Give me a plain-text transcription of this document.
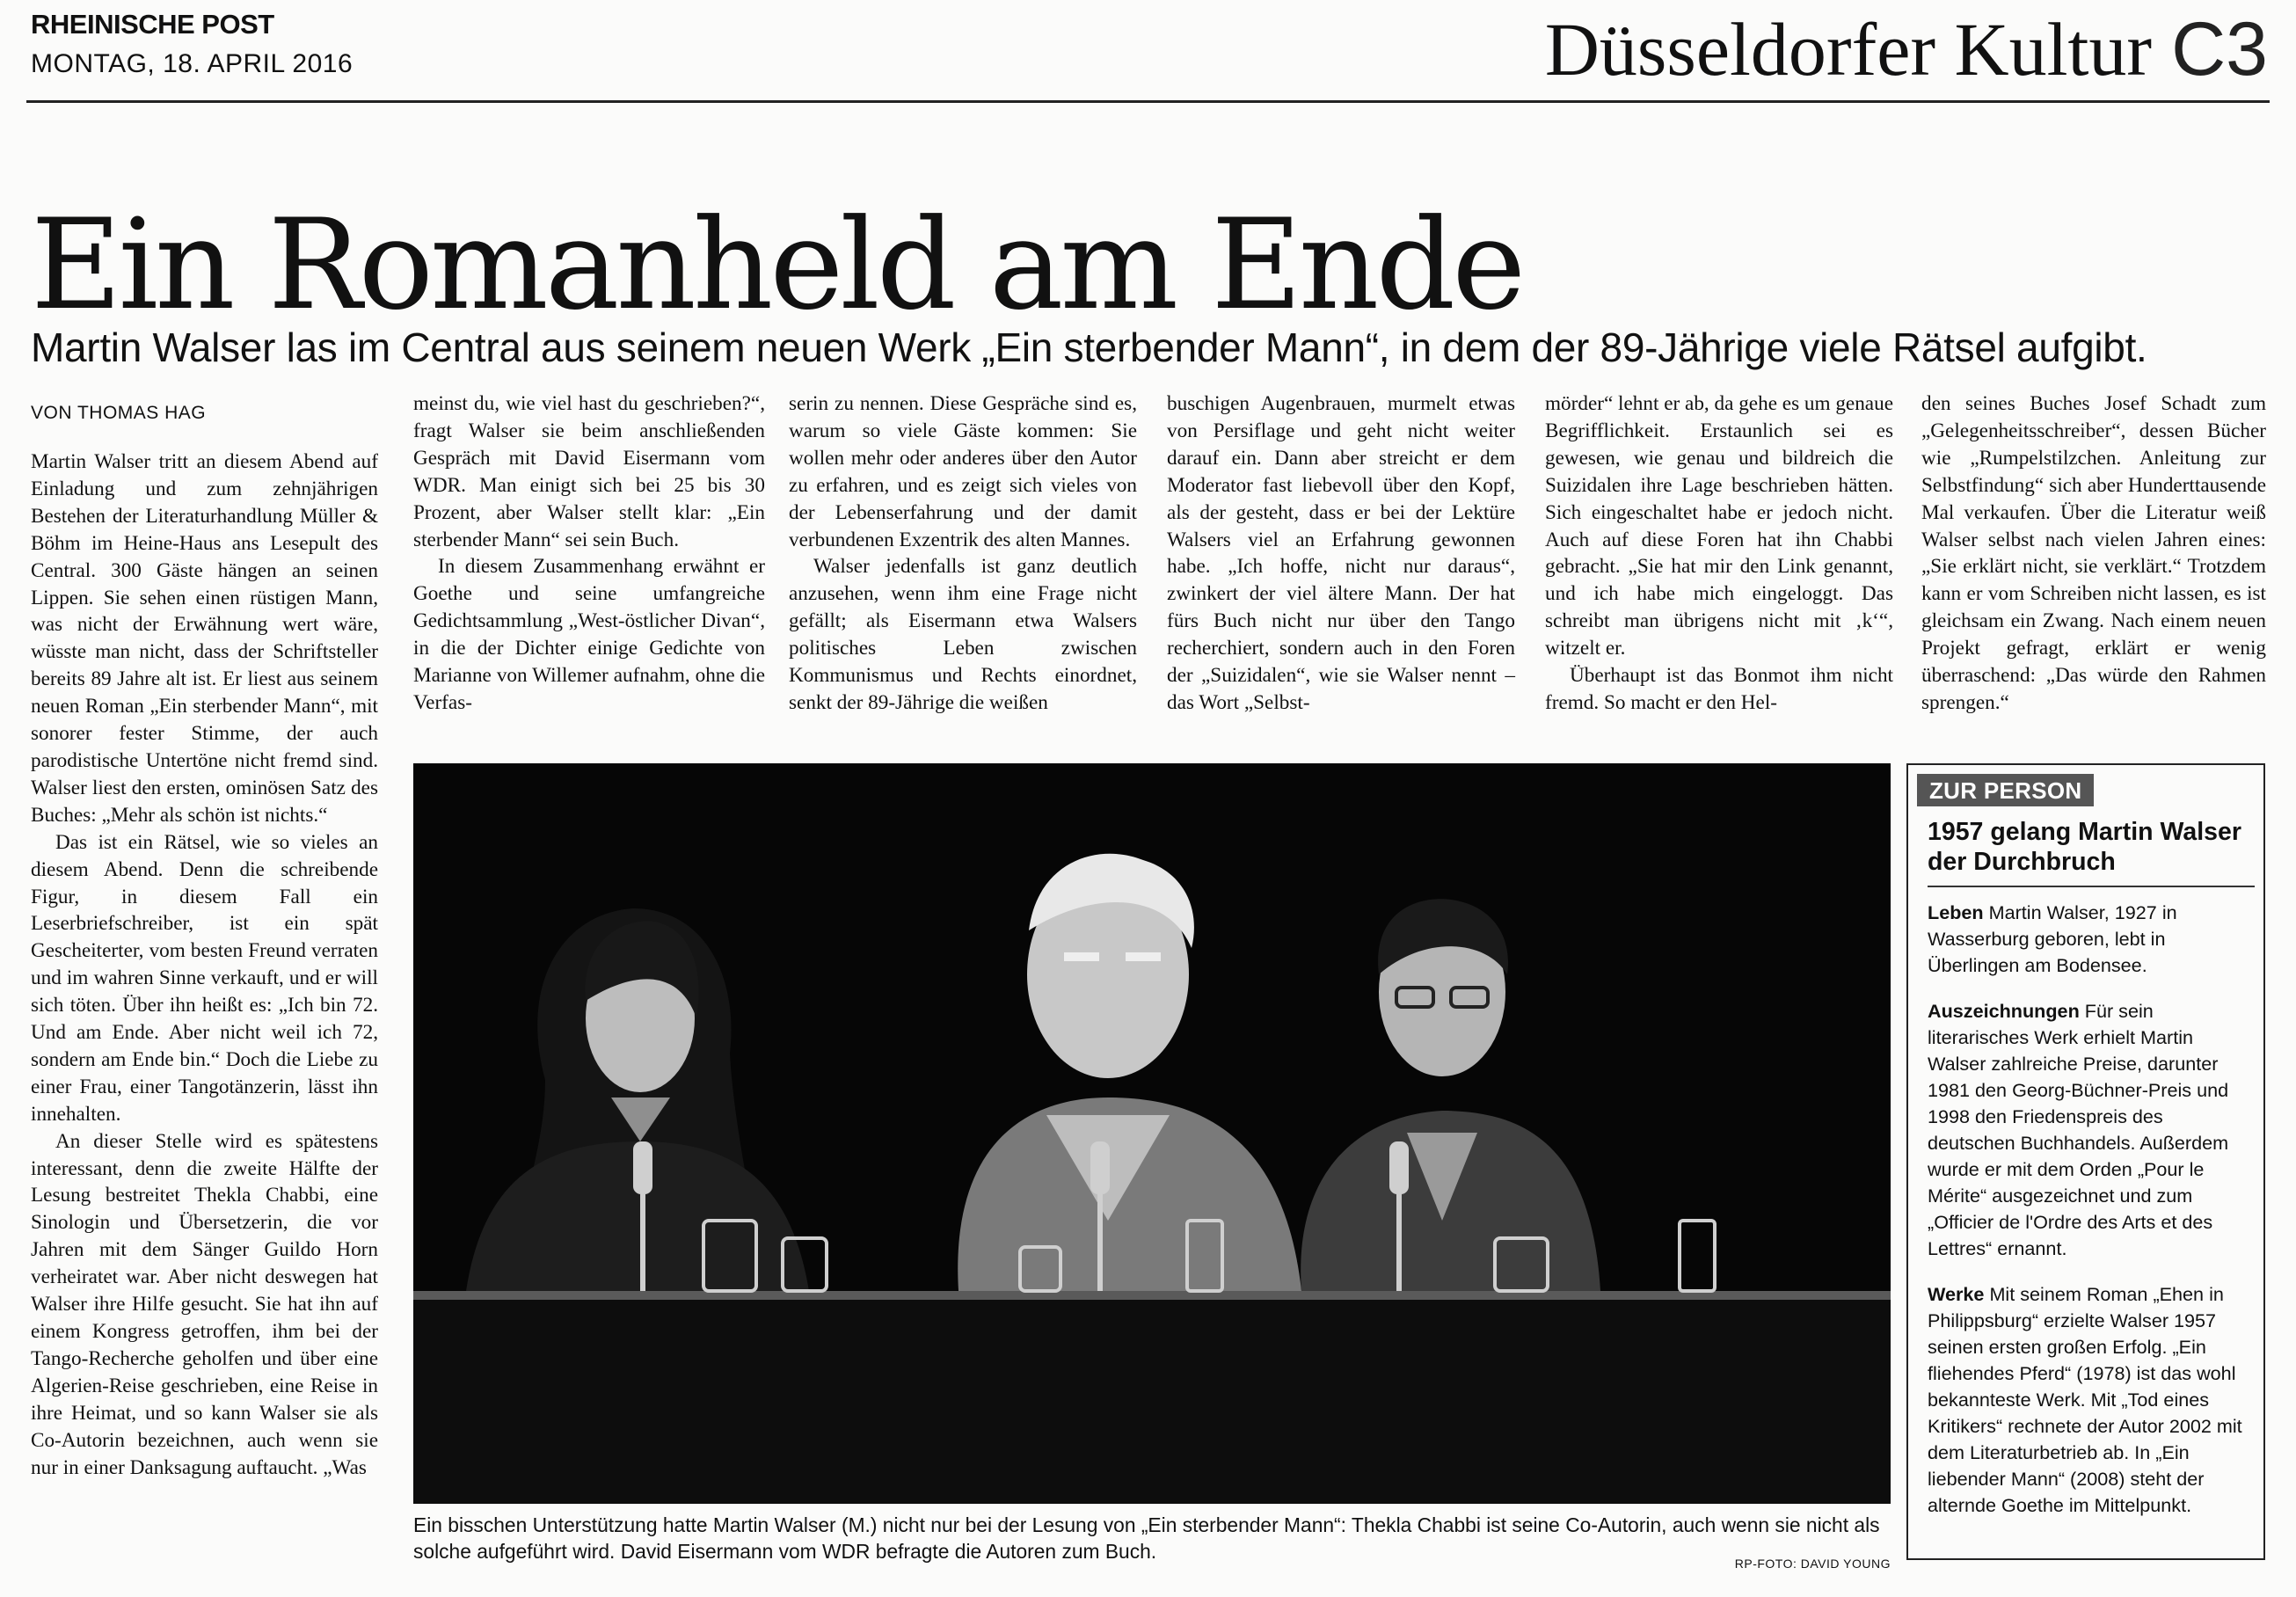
RHEINISCHE POST
MONTAG, 18. APRIL 2016	Düsseldorfer Kultur C3
Ein Romanheld am Ende
Martin Walser las im Central aus seinem neuen Werk „Ein sterbender Mann“, in dem der 89-Jährige viele Rätsel aufgibt.
VON THOMAS HAG

Martin Walser tritt an diesem Abend auf Einladung und zum zehnjährigen Bestehen der Literaturhandlung Müller & Böhm im Heine-Haus ans Lesepult des Central. 300 Gäste hängen an seinen Lippen. Sie sehen einen rüstigen Mann, was nicht der Erwähnung wert wäre, wüsste man nicht, dass der Schriftsteller bereits 89 Jahre alt ist. Er liest aus seinem neuen Roman „Ein sterbender Mann“, mit sonorer fester Stimme, der auch parodistische Untertöne nicht fremd sind. Walser liest den ersten, ominösen Satz des Buches: „Mehr als schön ist nichts.“

Das ist ein Rätsel, wie so vieles an diesem Abend. Denn die schreibende Figur, in diesem Fall ein Leserbriefschreiber, ist ein spät Gescheiterter, vom besten Freund verraten und im wahren Sinne verkauft, und er will sich töten. Über ihn heißt es: „Ich bin 72. Und am Ende. Aber nicht weil ich 72, sondern am Ende bin.“ Doch die Liebe zu einer Frau, einer Tangotänzerin, lässt ihn innehalten.

An dieser Stelle wird es spätestens interessant, denn die zweite Hälfte der Lesung bestreitet Thekla Chabbi, eine Sinologin und Übersetzerin, die vor Jahren mit dem Sänger Guildo Horn verheiratet war. Aber nicht deswegen hat Walser ihre Hilfe gesucht. Sie hat ihn auf einem Kongress getroffen, ihm bei der Tango-Recherche geholfen und über eine Algerien-Reise geschrieben, eine Reise in ihre Heimat, und so kann Walser sie als Co-Autorin bezeichnen, auch wenn sie nur in einer Danksagung auftaucht. „Was

meinst du, wie viel hast du geschrieben?“, fragt Walser sie beim anschließenden Gespräch mit David Eisermann vom WDR. Man einigt sich bei 25 bis 30 Prozent, aber Walser stellt klar: „Ein sterbender Mann“ sei sein Buch.

In diesem Zusammenhang erwähnt er Goethe und seine umfangreiche Gedichtsammlung „West-östlicher Divan“, in die der Dichter einige Gedichte von Marianne von Willemer aufnahm, ohne die Verfas-

serin zu nennen. Diese Gespräche sind es, warum so viele Gäste kommen: Sie wollen mehr oder anderes über den Autor zu erfahren, und es zeigt sich vieles von der Lebenserfahrung und der damit verbundenen Exzentrik des alten Mannes.

Walser jedenfalls ist ganz deutlich anzusehen, wenn ihm eine Frage nicht gefällt; als Eisermann etwa Walsers politisches Leben zwischen Kommunismus und Rechts einordnet, senkt der 89-Jährige die weißen

buschigen Augenbrauen, murmelt etwas von Persiflage und geht nicht weiter darauf ein. Dann aber streicht er dem Moderator fast liebevoll über den Kopf, als der gesteht, dass er bei der Lektüre Walsers viel an Erfahrung gewonnen habe. „Ich hoffe, nicht nur daraus“, zwinkert der viel ältere Mann. Der hat fürs Buch nicht nur über den Tango recherchiert, sondern auch in den Foren der „Suizidalen“, wie sie Walser nennt – das Wort „Selbst-

mörder“ lehnt er ab, da gehe es um genaue Begrifflichkeit. Erstaunlich sei es gewesen, wie genau und bildreich die Suizidalen ihre Lage beschrieben hätten. Sich eingeschaltet habe er jedoch nicht. Auch auf diese Foren hat ihn Chabbi gebracht. „Sie hat mir den Link genannt, und ich habe mich eingeloggt. Das schreibt man übrigens nicht mit ‚k‘“, witzelt er.

Überhaupt ist das Bonmot ihm nicht fremd. So macht er den Hel-

den seines Buches Josef Schadt zum „Gelegenheitsschreiber“, dessen Bücher wie „Rumpelstilzchen. Anleitung zur Selbstfindung“ sich aber Hunderttausende Mal verkaufen. Über die Literatur weiß Walser selbst nach vielen Jahren eines: „Sie erklärt nicht, sie verklärt.“ Trotzdem kann er vom Schreiben nicht lassen, es ist gleichsam ein Zwang. Nach einem neuen Projekt gefragt, erklärt er wenig überraschend: „Das würde den Rahmen sprengen.“

Ein bisschen Unterstützung hatte Martin Walser (M.) nicht nur bei der Lesung von „Ein sterbender Mann“: Thekla Chabbi ist seine Co-Autorin, auch wenn sie nicht als solche aufgeführt wird. David Eisermann vom WDR befragte die Autoren zum Buch.
RP-FOTO: DAVID YOUNG
ZUR PERSON
1957 gelang Martin Walser der Durchbruch

Leben Martin Walser, 1927 in Wasserburg geboren, lebt in Überlingen am Bodensee.

Auszeichnungen Für sein literarisches Werk erhielt Martin Walser zahlreiche Preise, darunter 1981 den Georg-Büchner-Preis und 1998 den Friedenspreis des deutschen Buchhandels. Außerdem wurde er mit dem Orden „Pour le Mérite“ ausgezeichnet und zum „Officier de l'Ordre des Arts et des Lettres“ ernannt.

Werke Mit seinem Roman „Ehen in Philippsburg“ erzielte Walser 1957 seinen ersten großen Erfolg. „Ein fliehendes Pferd“ (1978) ist das wohl bekannteste Werk. Mit „Tod eines Kritikers“ rechnete der Autor 2002 mit dem Literaturbetrieb ab. In „Ein liebender Mann“ (2008) steht der alternde Goethe im Mittelpunkt.
